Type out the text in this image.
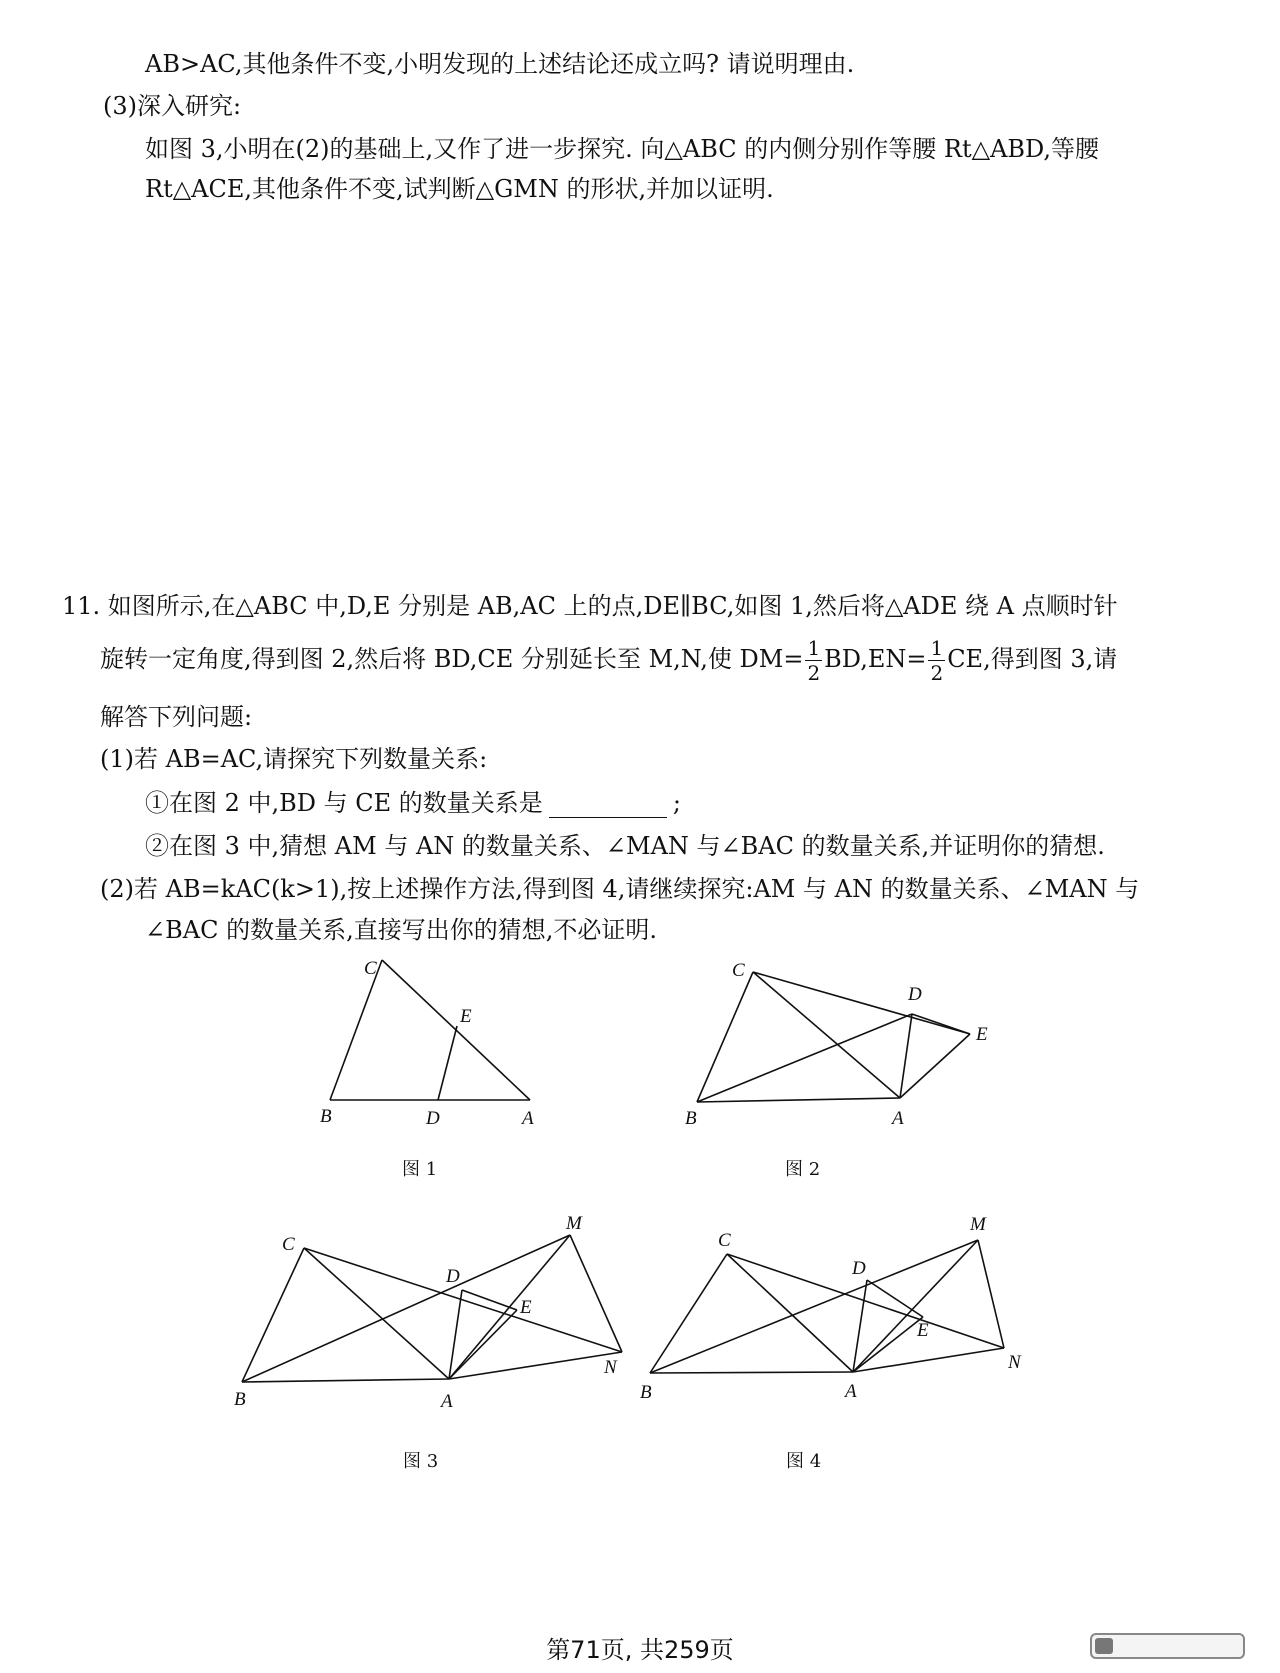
AB>AC,其他条件不变,小明发现的上述结论还成立吗? 请说明理由.
(3)深入研究:
如图 3,小明在(2)的基础上,又作了进一步探究. 向△ABC 的内侧分别作等腰 Rt△ABD,等腰
Rt△ACE,其他条件不变,试判断△GMN 的形状,并加以证明.
11. 如图所示,在△ABC 中,D,E 分别是 AB,AC 上的点,DE∥BC,如图 1,然后将△ADE 绕 A 点顺时针
旋转一定角度,得到图 2,然后将 BD,CE 分别延长至 M,N,使 $DM= \frac{1}{2} BD,EN= \frac{1}{2}$ CE,得到图 3,请
解答下列问题:
(1)若 AB=AC,请探究下列数量关系:
①在图 2 中,BD 与 CE 的数量关系是	;
②在图 3 中,猜想 AM 与 AN 的数量关系、∠MAN 与∠BAC 的数量关系,并证明你的猜想.
(2)若 AB=kAC(k>1),按上述操作方法,得到图 4,请继续探究:AM 与 AN 的数量关系、∠MAN 与
∠BAC 的数量关系,直接写出你的猜想,不必证明.
C
E
B	D	A
图 1
C
D
E
B	A
图 2
C
D
E
M
N
B	A
图 3
C
D
E
M
N
B	A
图 4
第71页, 共259页
